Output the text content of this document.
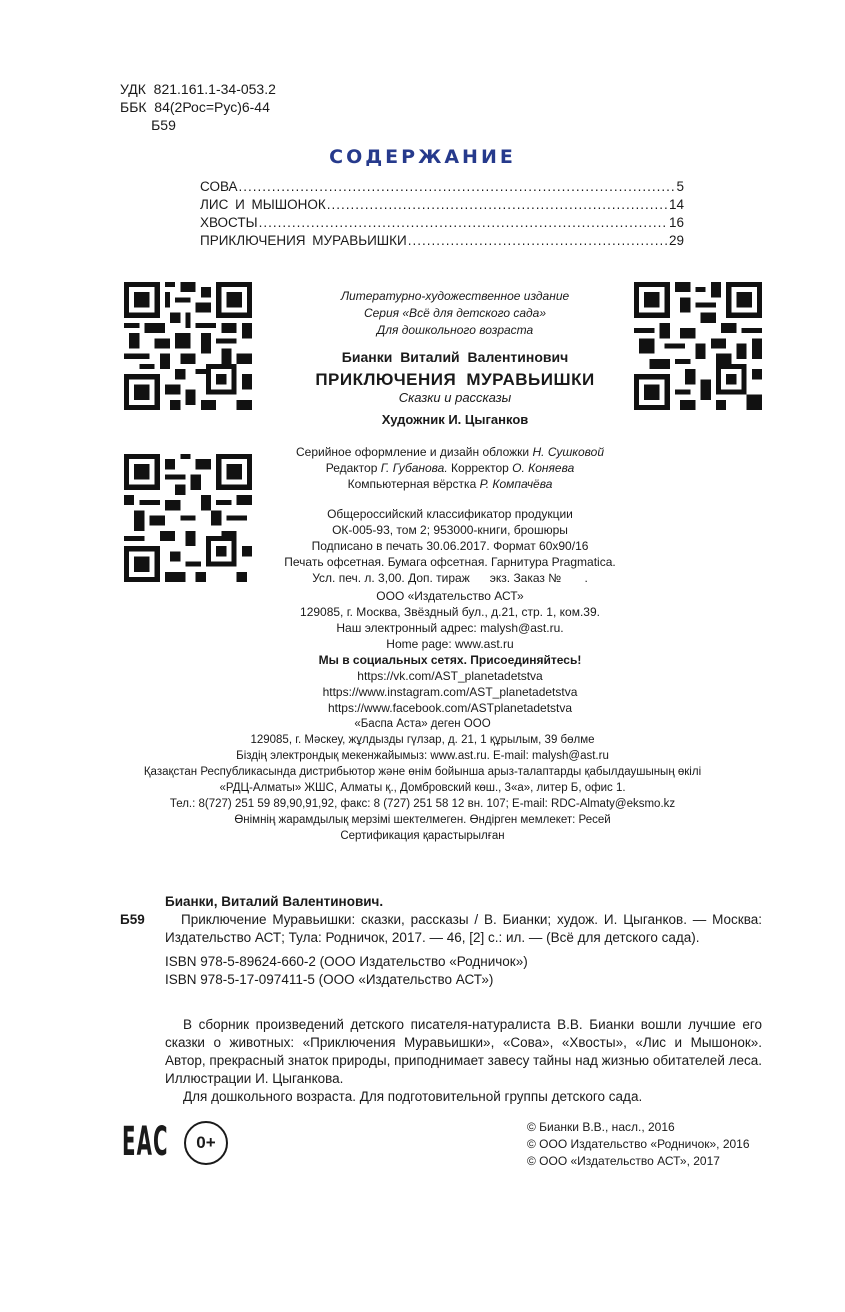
УДК  821.161.1-34-053.2
ББК  84(2Рос=Рус)6-44
Б59
СОДЕРЖАНИЕ
СОВА .....	5
ЛИС И МЫШОНОК .....	14
ХВОСТЫ .....	16
ПРИКЛЮЧЕНИЯ МУРАВЬИШКИ .....	29
Литературно-художественное издание
Серия «Всё для детского сада»
Для дошкольного возраста
Бианки Виталий Валентинович
ПРИКЛЮЧЕНИЯ МУРАВЬИШКИ
Сказки и рассказы
Художник И. Цыганков
Серийное оформление и дизайн обложки Н. Сушковой
Редактор Г. Губанова. Корректор О. Коняева
Компьютерная вёрстка Р. Компачёва
Общероссийский классификатор продукции
ОК-005-93, том 2; 953000-книги, брошюры
Подписано в печать 30.06.2017. Формат 60х90/16
Печать офсетная. Бумага офсетная. Гарнитура Pragmatica.
Усл. печ. л. 3,00. Доп. тираж      экз. Заказ №       .
ООО «Издательство АСТ»
129085, г. Москва, Звёздный бул., д.21, стр. 1, ком.39.
Наш электронный адрес: malysh@ast.ru.
Home page: www.ast.ru
Мы в социальных сетях. Присоединяйтесь!
https://vk.com/AST_planetadetstva
https://www.instagram.com/AST_planetadetstva
https://www.facebook.com/ASTplanetadetstva
«Баспа Аста» деген ООО
129085, г. Мәскеу, жұлдызды гүлзар, д. 21, 1 құрылым, 39 бөлме
Біздің электрондық мекенжайымыз: www.ast.ru. E-mail: malysh@ast.ru
Қазақстан Республикасында дистрибьютор және өнім бойынша арыз-талаптарды қабылдаушының өкілі
«РДЦ-Алматы» ЖШС, Алматы қ., Домбровский көш., 3«а», литер Б, офис 1.
Тел.: 8(727) 251 59 89,90,91,92, факс: 8 (727) 251 58 12 вн. 107; E-mail: RDC-Almaty@eksmo.kz
Өнімнің жарамдылық мерзімі шектелмеген. Өндірген мемлекет: Ресей
Сертификация қарастырылған
Бианки, Виталий Валентинович.
Б59	Приключение Муравьишки: сказки, рассказы / В. Бианки; худож. И. Цыганков. — Москва: Издательство АСТ; Тула: Родничок, 2017. — 46, [2] с.: ил. — (Всё для детского сада).
ISBN 978-5-89624-660-2 (ООО Издательство «Родничок»)
ISBN 978-5-17-097411-5 (ООО «Издательство АСТ»)

В сборник произведений детского писателя-натуралиста В.В. Бианки вошли лучшие его сказки о животных: «Приключения Муравьишки», «Сова», «Хвосты», «Лис и Мышонок». Автор, прекрасный знаток природы, приподнимает завесу тайны над жизнью обитателей леса. Иллюстрации И. Цыганкова.

Для дошкольного возраста. Для подготовительной группы детского сада.

ЕАС	0+
© Бианки В.В., насл., 2016
© ООО Издательство «Родничок», 2016
© ООО «Издательство АСТ», 2017
